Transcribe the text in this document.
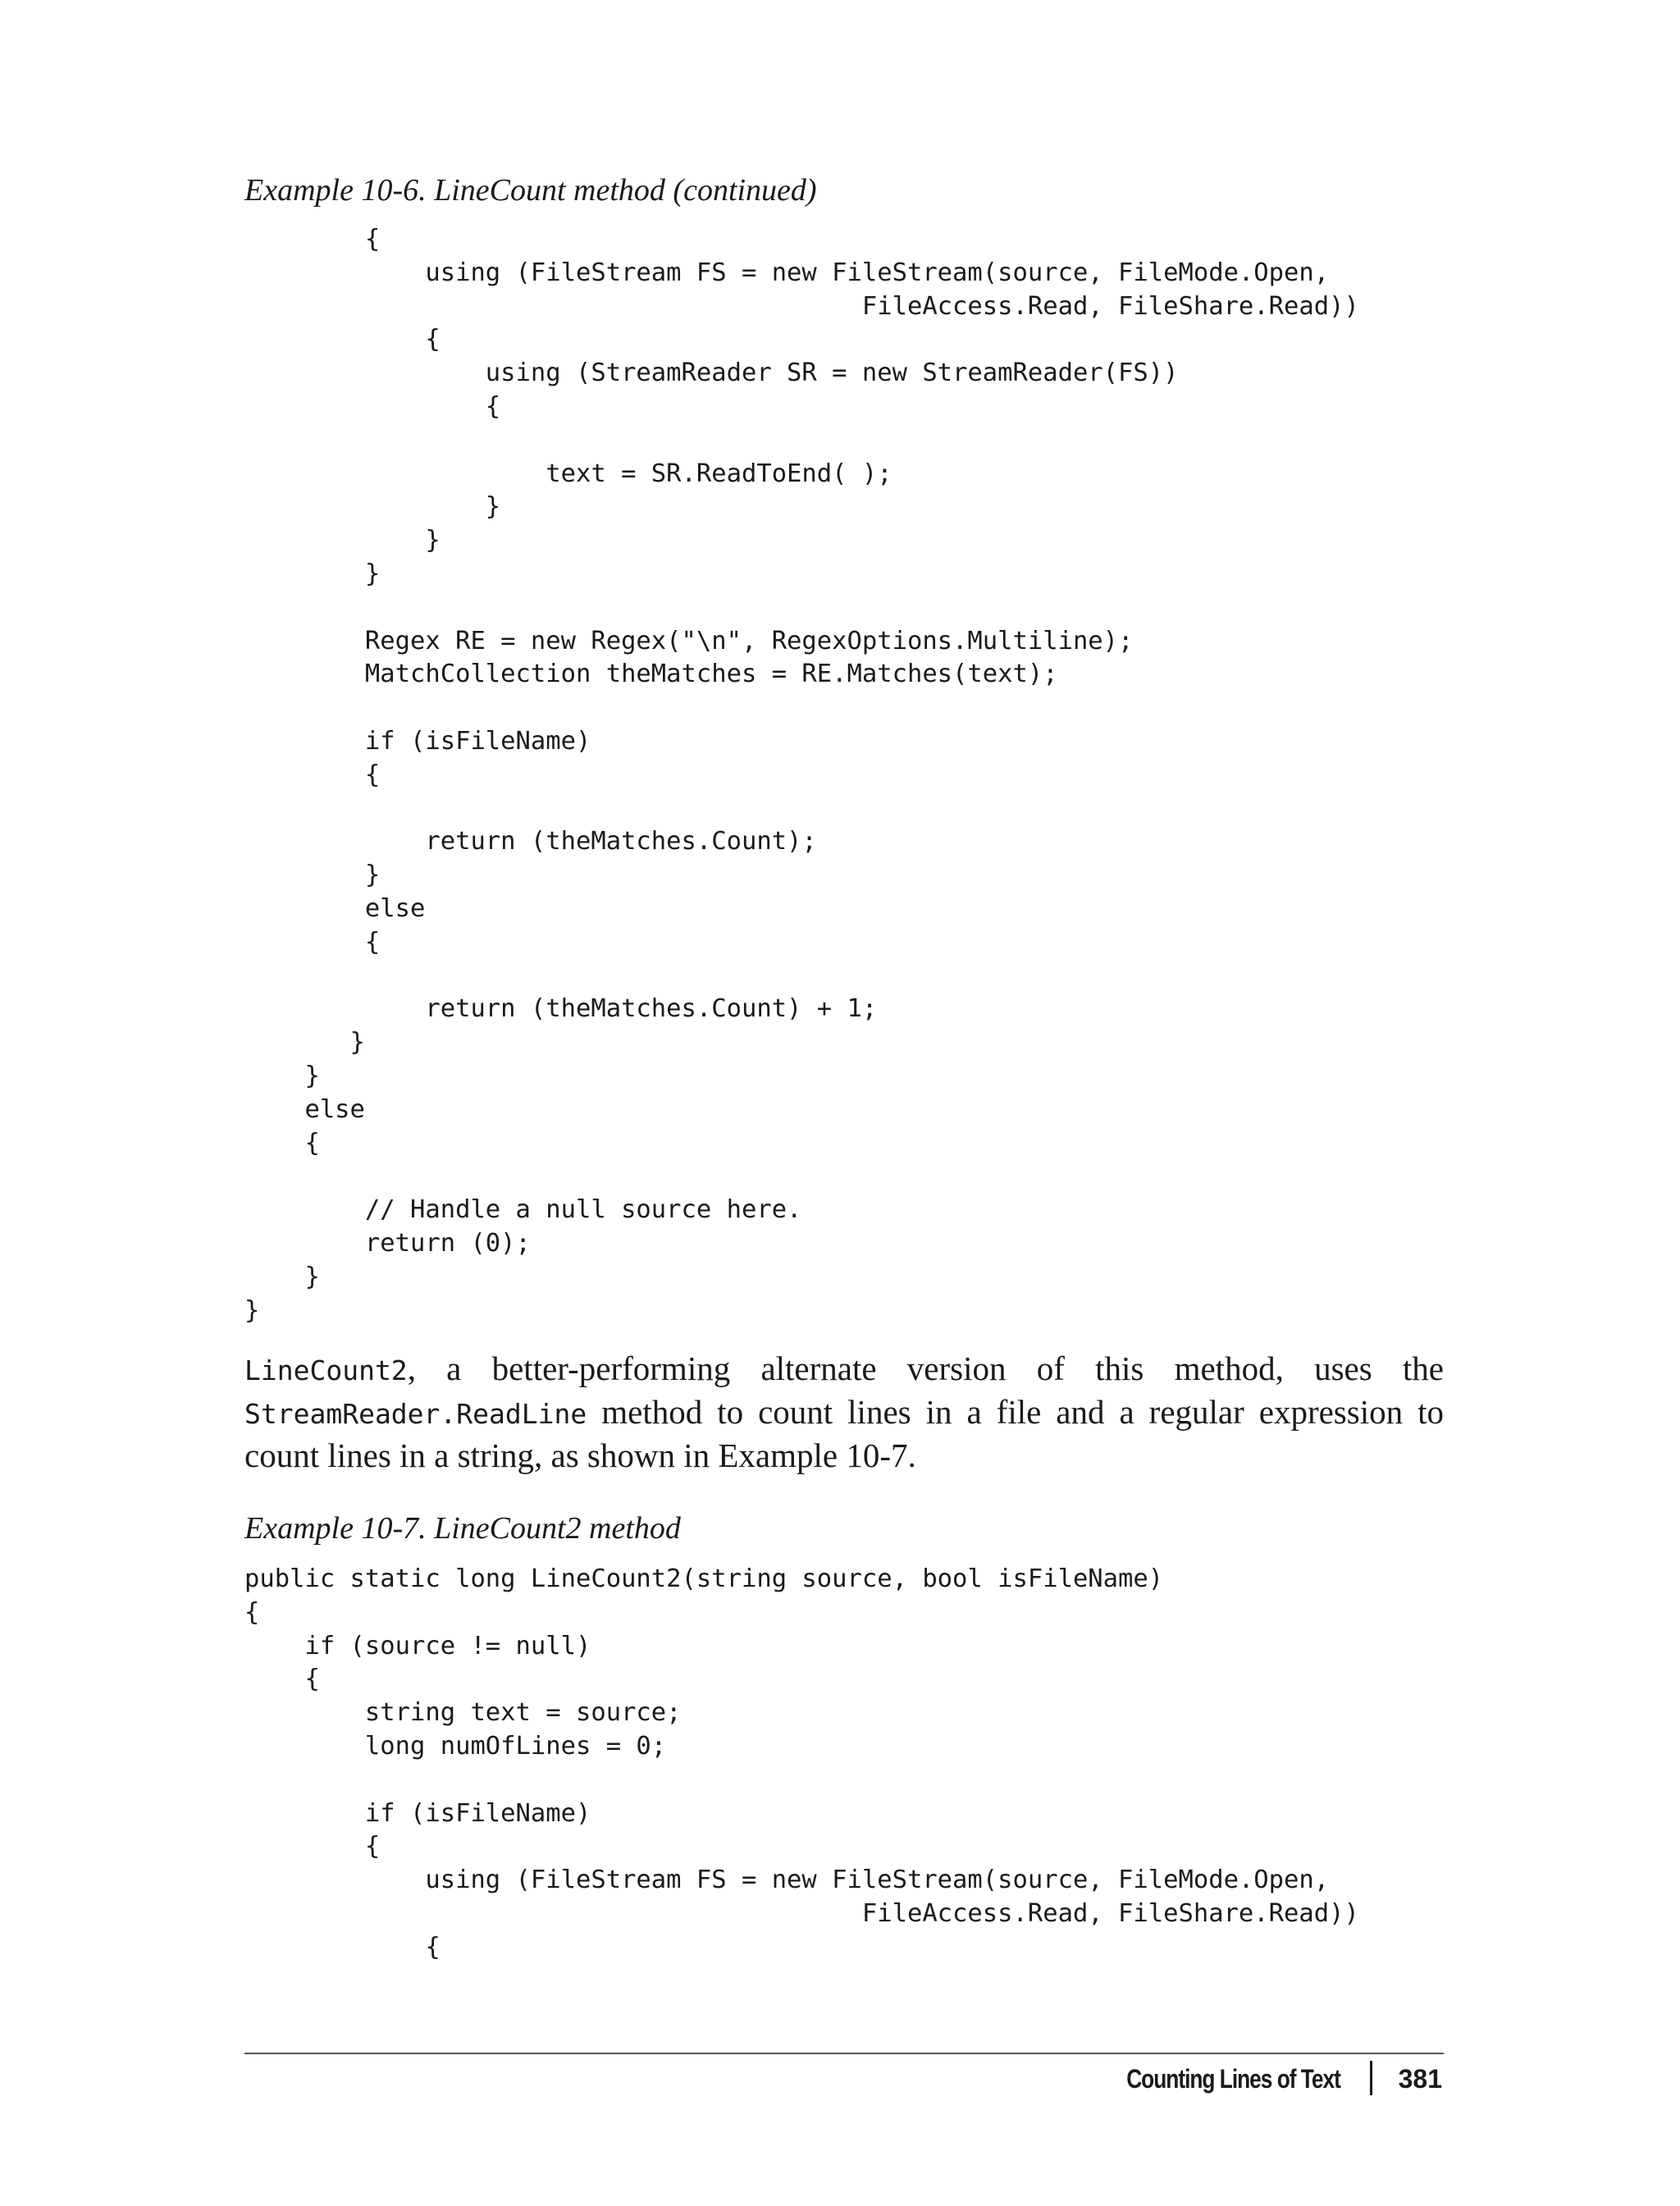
Example 10-6. LineCount method (continued)
{
using (FileStream FS = new FileStream(source, FileMode.Open,
FileAccess.Read, FileShare.Read))
{
using (StreamReader SR = new StreamReader(FS))
{
text = SR.ReadToEnd( );
}
}
}
Regex RE = new Regex("\n", RegexOptions.Multiline);
MatchCollection theMatches = RE.Matches(text);
if (isFileName)
{
return (theMatches.Count);
}
else
{
return (theMatches.Count) + 1;
}
}
else
{
// Handle a null source here.
return (0);
}
}

LineCount2, a better-performing alternate version of this method, uses the StreamReader.ReadLine method to count lines in a file and a regular expression to count lines in a string, as shown in Example 10-7.

Example 10-7. LineCount2 method
public static long LineCount2(string source, bool isFileName)
{
if (source != null)
{
string text = source;
long numOfLines = 0;
if (isFileName)
{
using (FileStream FS = new FileStream(source, FileMode.Open,
FileAccess.Read, FileShare.Read))
{
Counting Lines of Text 381
